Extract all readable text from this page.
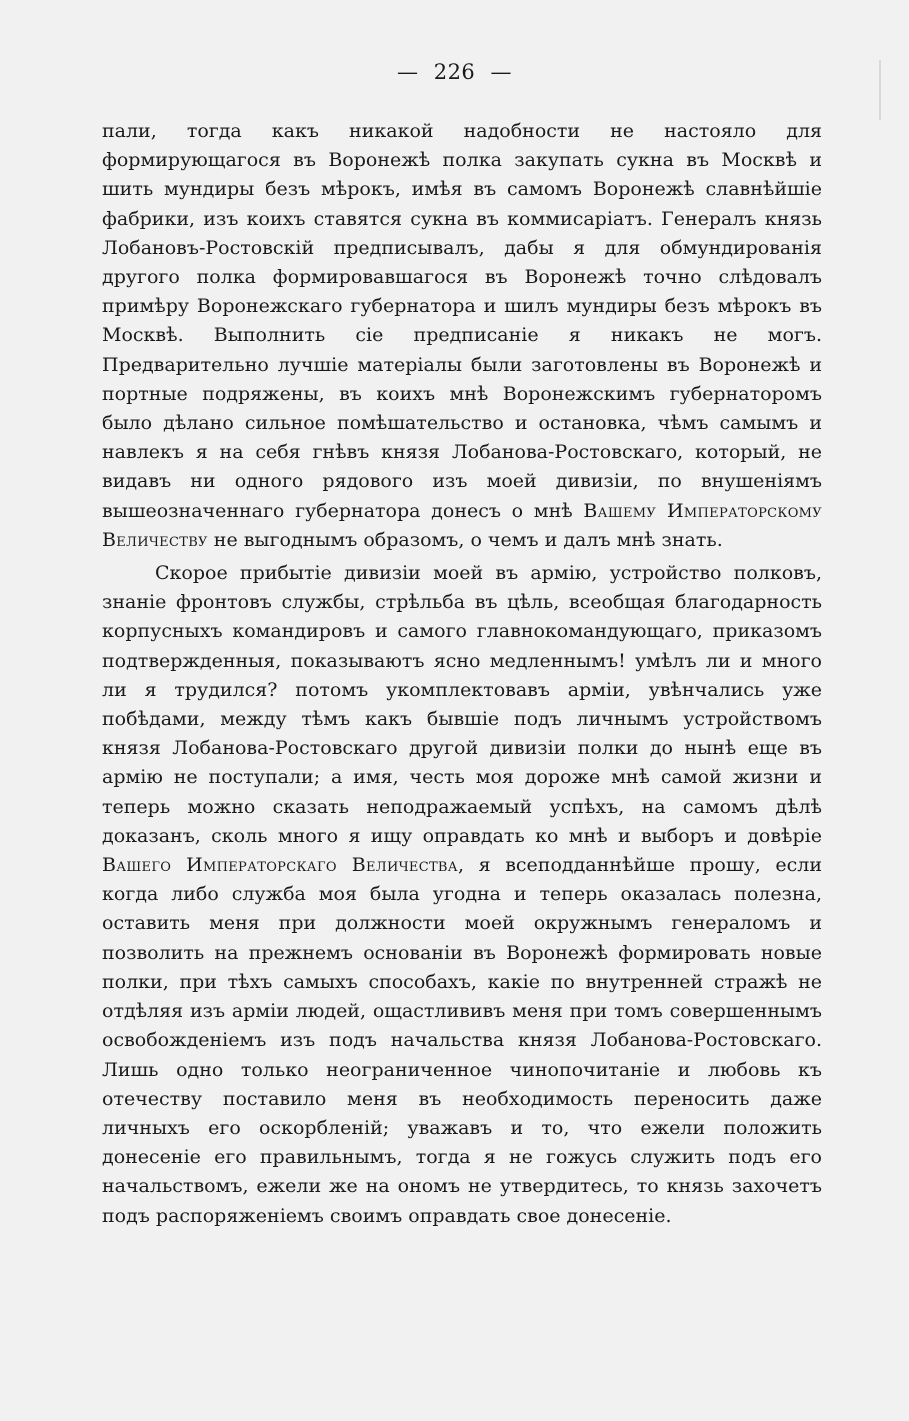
— 226 —

пали, тогда какъ никакой надобности не настояло для формирующагося въ Воронежѣ полка закупать сукна въ Москвѣ и шить мундиры безъ мѣрокъ, имѣя въ самомъ Воронежѣ славнѣйшіе фабрики, изъ коихъ ставятся сукна въ коммисаріатъ. Генералъ князь Лобановъ-Ростовскій предписывалъ, дабы я для обмундированія другого полка формировавшагося въ Воронежѣ точно слѣдовалъ примѣру Воронежскаго губернатора и шилъ мундиры безъ мѣрокъ въ Москвѣ. Выполнить сіе предписаніе я никакъ не могъ. Предварительно лучшіе матеріалы были заготовлены въ Воронежѣ и портные подряжены, въ коихъ мнѣ Воронежскимъ губернаторомъ было дѣлано сильное помѣшательство и остановка, чѣмъ самымъ и навлекъ я на себя гнѣвъ князя Лобанова-Ростовскаго, который, не видавъ ни одного рядового изъ моей дивизіи, по внушеніямъ вышеозначеннаго губернатора донесъ о мнѣ Вашему Императорскому Величеству не выгоднымъ образомъ, о чемъ и далъ мнѣ знать.

Скорое прибытіе дивизіи моей въ армію, устройство полковъ, знаніе фронтовъ службы, стрѣльба въ цѣль, всеобщая благодарность корпусныхъ командировъ и самого главнокомандующаго, приказомъ подтвержденныя, показываютъ ясно медленнымъ! умѣлъ ли и много ли я трудился? потомъ укомплектовавъ арміи, увѣнчались уже побѣдами, между тѣмъ какъ бывшіе подъ личнымъ устройствомъ князя Лобанова-Ростовскаго другой дивизіи полки до нынѣ еще въ армію не поступали; а имя, честь моя дороже мнѣ самой жизни и теперь можно сказать неподражаемый успѣхъ, на самомъ дѣлѣ доказанъ, сколь много я ищу оправдать ко мнѣ и выборъ и довѣріе Вашего Императорскаго Величества, я всеподданнѣйше прошу, если когда либо служба моя была угодна и теперь оказалась полезна, оставить меня при должности моей окружнымъ генераломъ и позволить на прежнемъ основаніи въ Воронежѣ формировать новые полки, при тѣхъ самыхъ способахъ, какіе по внутренней стражѣ не отдѣляя изъ арміи людей, ощастлививъ меня при томъ совершеннымъ освобожденіемъ изъ подъ начальства князя Лобанова-Ростовскаго. Лишь одно только неограниченное чинопочитаніе и любовь къ отечеству поставило меня въ необходимость переносить даже личныхъ его оскорбленій; уважавъ и то, что ежели положить донесеніе его правильнымъ, тогда я не гожусь служить подъ его начальствомъ, ежели же на ономъ не утвердитесь, то князь захочетъ подъ распоряженіемъ своимъ оправдать свое донесеніе.
